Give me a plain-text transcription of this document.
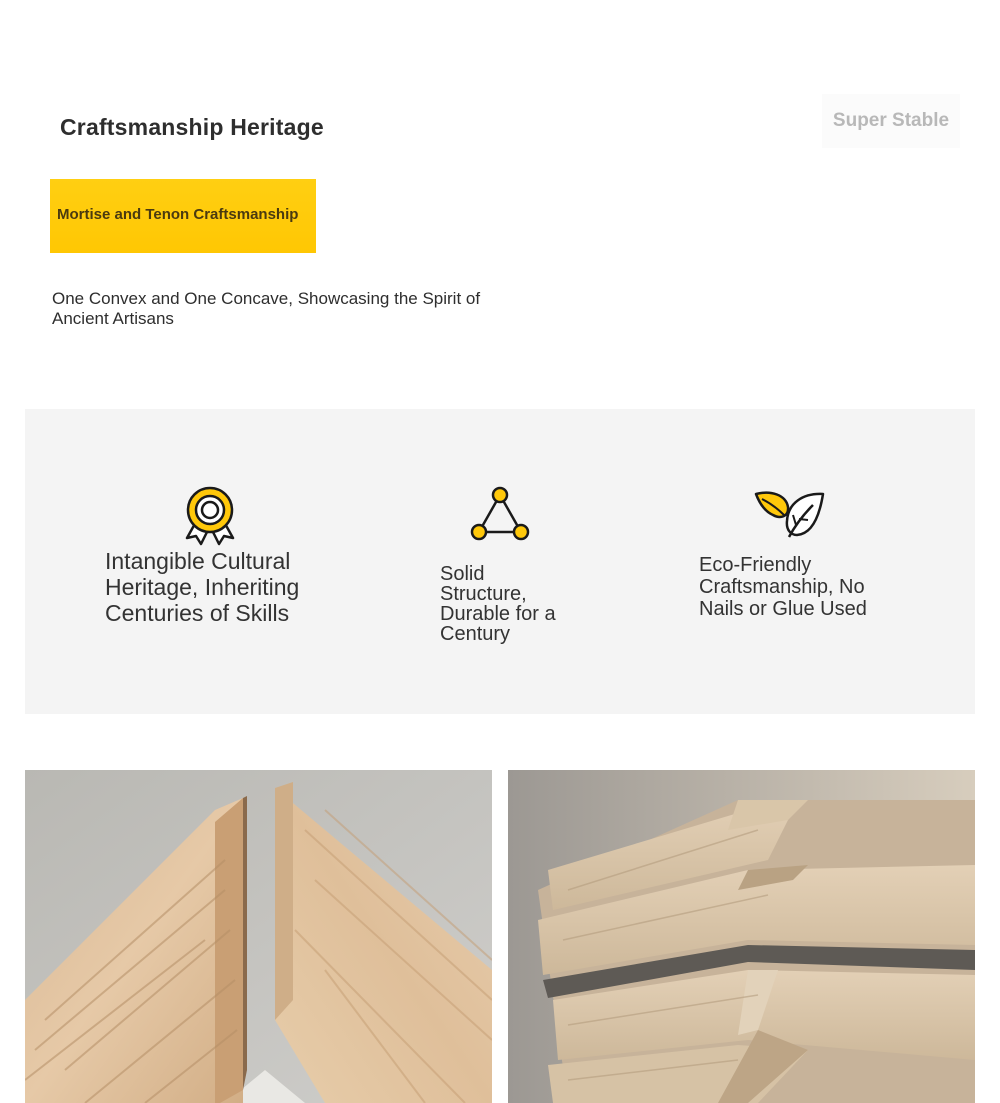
Craftsmanship Heritage	Super Stable
Mortise and Tenon Craftsmanship
One Convex and One Concave, Showcasing the Spirit of Ancient Artisans
Intangible Cultural Heritage, Inheriting Centuries of Skills
Solid Structure, Durable for a Century
Eco-Friendly Craftsmanship, No Nails or Glue Used
